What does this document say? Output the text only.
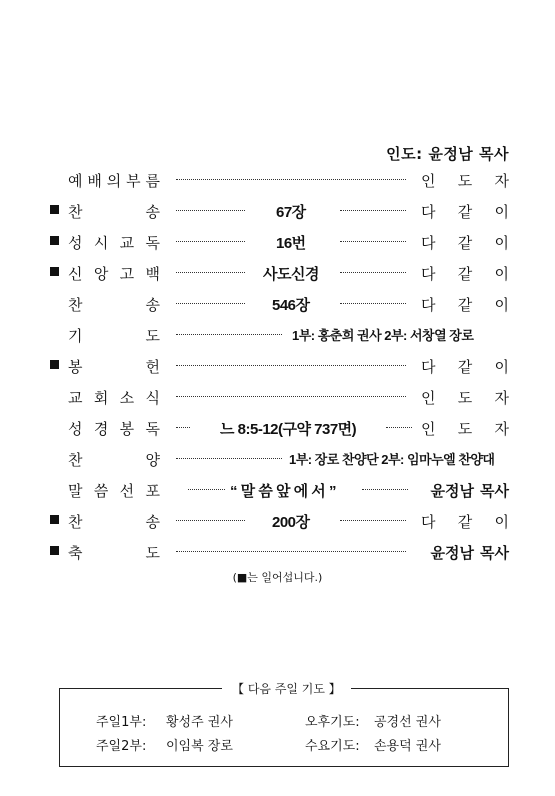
인도: 윤정남 목사
예 배 의 부 름	인 도 자
찬	송	67장	다 같 이
성 시 교 독	16번	다 같 이
신 앙 고 백	사도신경	다 같 이
찬	송	546장	다 같 이
기	도	1부: 홍춘희 권사 2부: 서창열 장로
봉	헌	다 같 이
교 회 소 식	인 도 자
성 경 봉 독	느 8:5-12(구약 737면)	인 도 자
찬	양	1부: 장로 찬양단 2부: 임마누엘 찬양대
말 씀 선 포	“ 말 씀 앞 에 서 ”	윤정남 목사
찬	송	200장	다 같 이
축	도	윤정남 목사
(■는 일어섭니다.)
【 다음 주일 기도 】
주일1부: 황성주 권사	오후기도: 공경선 권사
주일2부: 이임복 장로	수요기도: 손용덕 권사
